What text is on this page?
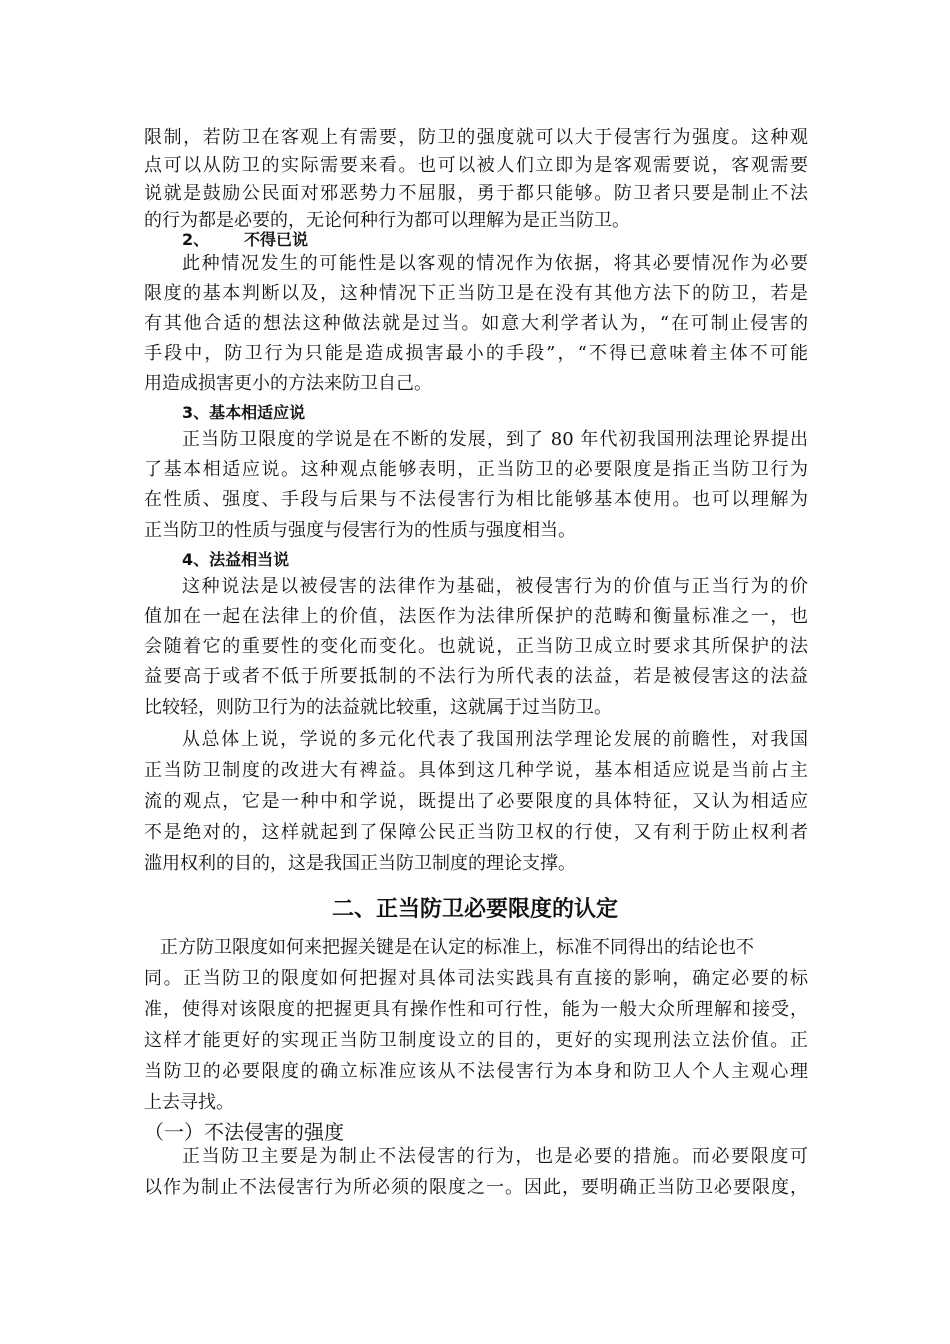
限制，若防卫在客观上有需要，防卫的强度就可以大于侵害行为强度。这种观
点可以从防卫的实际需要来看。也可以被人们立即为是客观需要说，客观需要
说就是鼓励公民面对邪恶势力不屈服，勇于都只能够。防卫者只要是制止不法
的行为都是必要的，无论何种行为都可以理解为是正当防卫。
2、 不得已说
此种情况发生的可能性是以客观的情况作为依据，将其必要情况作为必要
限度的基本判断以及，这种情况下正当防卫是在没有其他方法下的防卫，若是
有其他合适的想法这种做法就是过当。如意大利学者认为，“在可制止侵害的
手段中，防卫行为只能是造成损害最小的手段”，“不得已意味着主体不可能
用造成损害更小的方法来防卫自己。
3、基本相适应说
正当防卫限度的学说是在不断的发展，到了 80 年代初我国刑法理论界提出
了基本相适应说。这种观点能够表明，正当防卫的必要限度是指正当防卫行为
在性质、强度、手段与后果与不法侵害行为相比能够基本使用。也可以理解为
正当防卫的性质与强度与侵害行为的性质与强度相当。
4、法益相当说
这种说法是以被侵害的法律作为基础，被侵害行为的价值与正当行为的价
值加在一起在法律上的价值，法医作为法律所保护的范畴和衡量标准之一，也
会随着它的重要性的变化而变化。也就说，正当防卫成立时要求其所保护的法
益要高于或者不低于所要抵制的不法行为所代表的法益，若是被侵害这的法益
比较轻，则防卫行为的法益就比较重，这就属于过当防卫。
从总体上说，学说的多元化代表了我国刑法学理论发展的前瞻性，对我国
正当防卫制度的改进大有裨益。具体到这几种学说，基本相适应说是当前占主
流的观点，它是一种中和学说，既提出了必要限度的具体特征，又认为相适应
不是绝对的，这样就起到了保障公民正当防卫权的行使，又有利于防止权利者
滥用权利的目的，这是我国正当防卫制度的理论支撑。
二、正当防卫必要限度的认定
正方防卫限度如何来把握关键是在认定的标准上，标准不同得出的结论也不
同。正当防卫的限度如何把握对具体司法实践具有直接的影响，确定必要的标
准，使得对该限度的把握更具有操作性和可行性，能为一般大众所理解和接受，
这样才能更好的实现正当防卫制度设立的目的，更好的实现刑法立法价值。正
当防卫的必要限度的确立标准应该从不法侵害行为本身和防卫人个人主观心理
上去寻找。
（一）不法侵害的强度
正当防卫主要是为制止不法侵害的行为，也是必要的措施。而必要限度可
以作为制止不法侵害行为所必须的限度之一。因此，要明确正当防卫必要限度，
